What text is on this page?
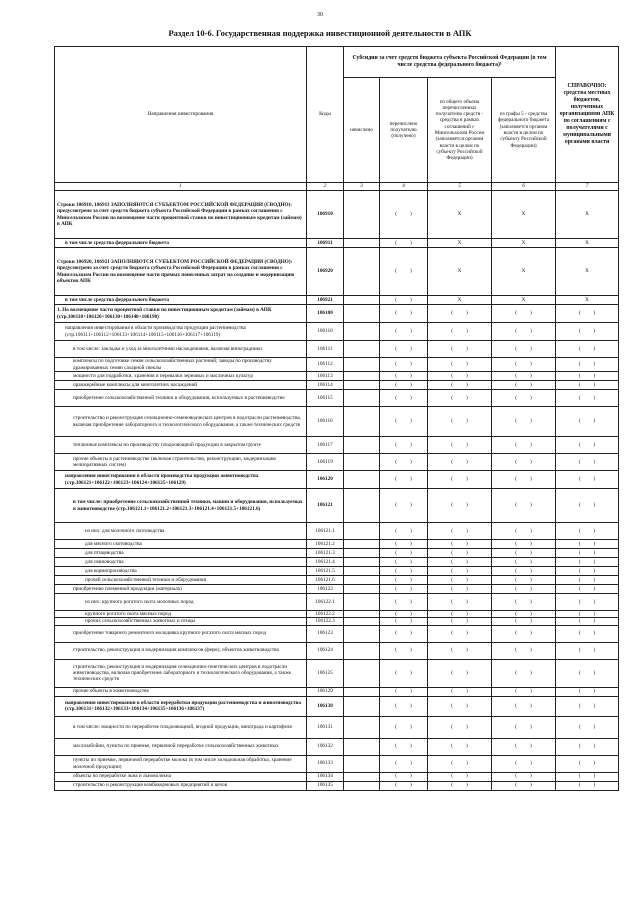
30
Раздел 10-6. Государственная поддержка инвестиционной деятельности в АПК
Направления инвестирования	Коды	Субсидии за счет средств бюджета субъекта Российской Федерации (в том числе средства федерального бюджета)¹				СПРАВОЧНО: средства местных бюджетов, полученных организациями АПК по соглашениям с получателями с муниципальными органами власти
		начислено	перечислено получателю (получено)	из общего объема перечисленных получателю средств - средства в рамках соглашений с Минсельхозом России (заполняется органом власти в целом по субъекту Российской Федерации)	из графы 5 - средства федерального бюджета (заполняется органом власти в целом по субъекту Российской Федерации)	
1	2	3	4	5	6	7
Строки 106910, 106911 ЗАПОЛНЯЮТСЯ СУБЪЕКТОМ РОССИЙСКОЙ ФЕДЕРАЦИИ (СВОДНО): предусмотрено за счет средств бюджета субъекта Российской Федерации в рамках соглашения с Минсельхозом России на возмещение части процентной ставки по инвестиционным кредитам (займам) в АПК	106910		(          )	X	X	X
в том числе средства федерального бюджета	106911		(          )	X	X	X
Строки 106920, 106921 ЗАПОЛНЯЮТСЯ СУБЪЕКТОМ РОССИЙСКОЙ ФЕДЕРАЦИИ (СВОДНО): предусмотрено за счет средств бюджета субъекта Российской Федерации в рамках соглашения с Минсельхозом России на возмещение части прямых понесенных затрат на создание и модернизацию объектов АПК	106920		(          )	X	X	X
в том числе средства федерального бюджета	106921		(          )	X	X	X
1. На возмещение части процентной ставки по инвестиционным кредитам (займам) в АПК (стр.106110+106120+106130+106140+106190)	106100		(          )	(          )	(          )	(          )
направления инвестирования в области производства продукции растениеводства (стр.106111+106112+106113+106114+106115+106116+106117+106119)	106110		(          )	(          )	(          )	(          )
в том числе: закладка и уход за многолетними насаждениями, включая виноградники	106111		(          )	(          )	(          )	(          )
комплексы по подготовке семян сельскохозяйственных растений; заводы по производству дражированных семян сахарной свеклы	106112		(          )	(          )	(          )	(          )
мощности для подработки, хранения и перевалки зерновых и масличных культур	106113		(          )	(          )	(          )	(          )
оранжерейные комплексы для многолетних насаждений	106114		(          )	(          )	(          )	(          )
приобретение сельскохозяйственной техники и оборудования, используемых в растениеводстве	106115		(          )	(          )	(          )	(          )
строительство и реконструкция селекционно-семеноводческих центров в подотрасли растениеводства, включая приобретение лабораторного и технологического оборудования, а также технических средств	106116		(          )	(          )	(          )	(          )
тепличные комплексы по производству плодоовощной продукции в закрытом грунте	106117		(          )	(          )	(          )	(          )
прочие объекты в растениеводстве (включая строительство, реконструкцию, модернизацию мелиоративных систем)	106119		(          )	(          )	(          )	(          )
направления инвестирования в области производства продукции животноводства (стр.106121+106122+106123+106124+106125+106129)	106120		(          )	(          )	(          )	(          )
в том числе: приобретение сельскохозяйственной техники, машин и оборудования, используемых в животноводстве (стр.106121.1+106121.2+106121.3+106121.4+106121.5+106121.6)	106121		(          )	(          )	(          )	(          )
из них: для молочного скотоводства	106121.1		(          )	(          )	(          )	(          )
для мясного скотоводства	106121.2		(          )	(          )	(          )	(          )
для птицеводства	106121.3		(          )	(          )	(          )	(          )
для свиноводства	106121.4		(          )	(          )	(          )	(          )
для кормопроизводства	106121.5		(          )	(          )	(          )	(          )
прочей сельскохозяйственной техники и оборудования	106121.6		(          )	(          )	(          )	(          )
приобретение племенной продукции (материала)	106122		(          )	(          )	(          )	(          )
из них: крупного рогатого скота молочных пород	106122.1		(          )	(          )	(          )	(          )
крупного рогатого скота мясных пород	106122.2		(          )	(          )	(          )	(          )
прочих сельскохозяйственных животных и птицы	106122.3		(          )	(          )	(          )	(          )
приобретение товарного ремонтного молодняка крупного рогатого скота мясных пород	106123		(          )	(          )	(          )	(          )
строительство, реконструкция и модернизация комплексов (ферм), объектов животноводства	106124		(          )	(          )	(          )	(          )
строительство, реконструкция и модернизация селекционно-генетических центров в подотрасли животноводства, включая приобретение лабораторного и технологического оборудования, а также технических средств	106125		(          )	(          )	(          )	(          )
прочие объекты в животноводстве	106129		(          )	(          )	(          )	(          )
направления инвестирования в области переработки продукции растениеводства и животноводства (стр.106131+106132+106133+106134+106135+106136+106137)	106130		(          )	(          )	(          )	(          )
в том числе: мощности по переработке плодоовощной, ягодной продукции, винограда и картофеля	106131		(          )	(          )	(          )	(          )
маслозабойни, пункты по приемке, первичной переработке сельскохозяйственных животных	106132		(          )	(          )	(          )	(          )
пункты по приемке, первичной переработке молока (в том числе холодильная обработка, хранение молочной продукции)	106133		(          )	(          )	(          )	(          )
объекты по переработке льна и льноволокна	106134		(          )	(          )	(          )	(          )
строительство и реконструкция комбикормовых предприятий и цехов	106135		(          )	(          )	(          )	(          )
